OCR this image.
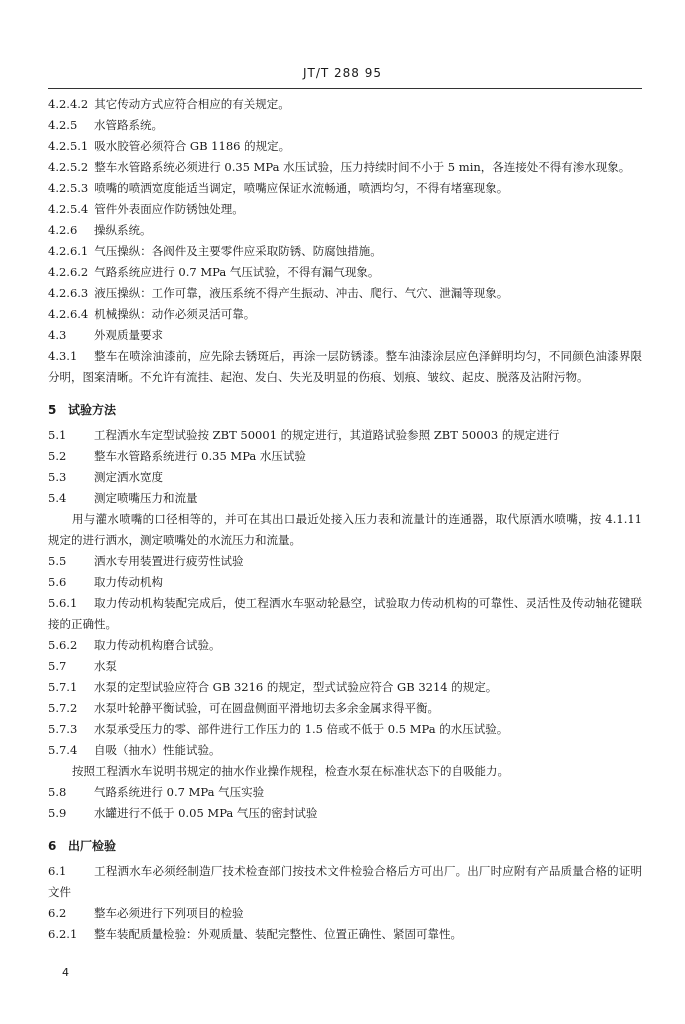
JT/T 288 95
4.2.4.2 其它传动方式应符合相应的有关规定。
4.2.5 水管路系统。
4.2.5.1 吸水胶管必须符合 GB 1186 的规定。
4.2.5.2 整车水管路系统必须进行 0.35 MPa 水压试验，压力持续时间不小于 5 min，各连接处不得有渗水现象。
4.2.5.3 喷嘴的喷洒宽度能适当调定，喷嘴应保证水流畅通，喷洒均匀，不得有堵塞现象。
4.2.5.4 管件外表面应作防锈蚀处理。
4.2.6 操纵系统。
4.2.6.1 气压操纵：各阀件及主要零件应采取防锈、防腐蚀措施。
4.2.6.2 气路系统应进行 0.7 MPa 气压试验，不得有漏气现象。
4.2.6.3 液压操纵：工作可靠，液压系统不得产生振动、冲击、爬行、气穴、泄漏等现象。
4.2.6.4 机械操纵：动作必须灵活可靠。
4.3 外观质量要求
4.3.1 整车在喷涂油漆前，应先除去锈斑后，再涂一层防锈漆。整车油漆涂层应色泽鲜明均匀，不同颜色油漆界限分明，图案清晰。不允许有流挂、起泡、发白、失光及明显的伤痕、划痕、皱纹、起皮、脱落及沾附污物。
5 试验方法
5.1 工程洒水车定型试验按 ZBT 50001 的规定进行，其道路试验参照 ZBT 50003 的规定进行
5.2 整车水管路系统进行 0.35 MPa 水压试验
5.3 测定洒水宽度
5.4 测定喷嘴压力和流量
用与灌水喷嘴的口径相等的，并可在其出口最近处接入压力表和流量计的连通器，取代原洒水喷嘴，按 4.1.11 规定的进行洒水，测定喷嘴处的水流压力和流量。
5.5 洒水专用装置进行疲劳性试验
5.6 取力传动机构
5.6.1 取力传动机构装配完成后，使工程洒水车驱动轮悬空，试验取力传动机构的可靠性、灵活性及传动轴花键联接的正确性。
5.6.2 取力传动机构磨合试验。
5.7 水泵
5.7.1 水泵的定型试验应符合 GB 3216 的规定，型式试验应符合 GB 3214 的规定。
5.7.2 水泵叶轮静平衡试验，可在圆盘侧面平滑地切去多余金属求得平衡。
5.7.3 水泵承受压力的零、部件进行工作压力的 1.5 倍或不低于 0.5 MPa 的水压试验。
5.7.4 自吸（抽水）性能试验。
按照工程洒水车说明书规定的抽水作业操作规程，检查水泵在标准状态下的自吸能力。
5.8 气路系统进行 0.7 MPa 气压实验
5.9 水罐进行不低于 0.05 MPa 气压的密封试验
6 出厂检验
6.1 工程洒水车必须经制造厂技术检查部门按技术文件检验合格后方可出厂。出厂时应附有产品质量合格的证明文件
6.2 整车必须进行下列项目的检验
6.2.1 整车装配质量检验：外观质量、装配完整性、位置正确性、紧固可靠性。
4
